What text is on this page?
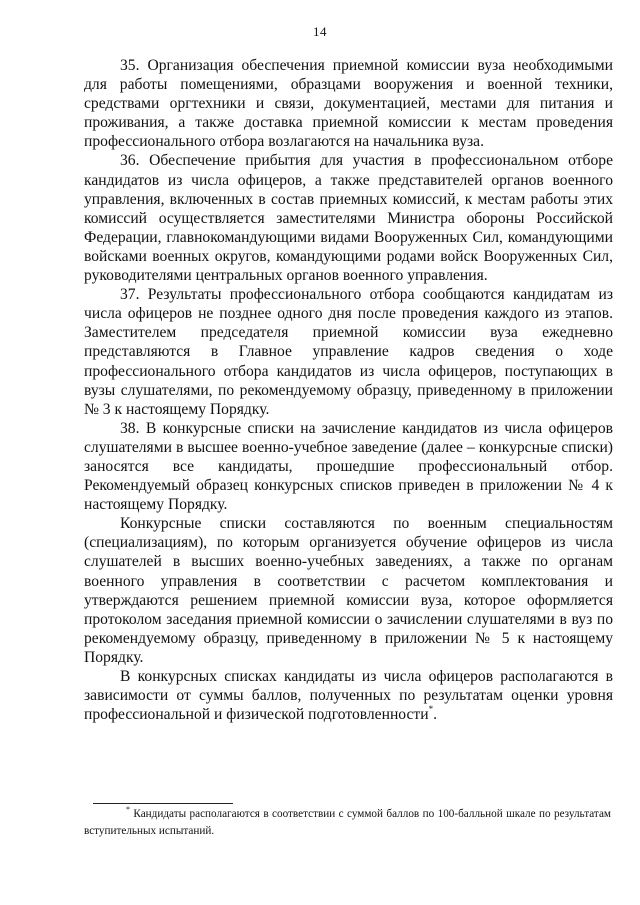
14

35. Организация обеспечения приемной комиссии вуза необходимыми для работы помещениями, образцами вооружения и военной техники, средствами оргтехники и связи, документацией, местами для питания и проживания, а также доставка приемной комиссии к местам проведения профессионального отбора возлагаются на начальника вуза.

36. Обеспечение прибытия для участия в профессиональном отборе кандидатов из числа офицеров, а также представителей органов военного управления, включенных в состав приемных комиссий, к местам работы этих комиссий осуществляется заместителями Министра обороны Российской Федерации, главнокомандующими видами Вооруженных Сил, командующими войсками военных округов, командующими родами войск Вооруженных Сил, руководителями центральных органов военного управления.

37. Результаты профессионального отбора сообщаются кандидатам из числа офицеров не позднее одного дня после проведения каждого из этапов. Заместителем председателя приемной комиссии вуза ежедневно представляются в Главное управление кадров сведения о ходе профессионального отбора кандидатов из числа офицеров, поступающих в вузы слушателями, по рекомендуемому образцу, приведенному в приложении № 3 к настоящему Порядку.

38. В конкурсные списки на зачисление кандидатов из числа офицеров слушателями в высшее военно-учебное заведение (далее – конкурсные списки) заносятся все кандидаты, прошедшие профессиональный отбор. Рекомендуемый образец конкурсных списков приведен в приложении № 4 к настоящему Порядку.

Конкурсные списки составляются по военным специальностям (специализациям), по которым организуется обучение офицеров из числа слушателей в высших военно-учебных заведениях, а также по органам военного управления в соответствии с расчетом комплектования и утверждаются решением приемной комиссии вуза, которое оформляется протоколом заседания приемной комиссии о зачислении слушателями в вуз по рекомендуемому образцу, приведенному в приложении № 5 к настоящему Порядку.

В конкурсных списках кандидаты из числа офицеров располагаются в зависимости от суммы баллов, полученных по результатам оценки уровня профессиональной и физической подготовленности*.

* Кандидаты располагаются в соответствии с суммой баллов по 100-балльной шкале по результатам вступительных испытаний.
